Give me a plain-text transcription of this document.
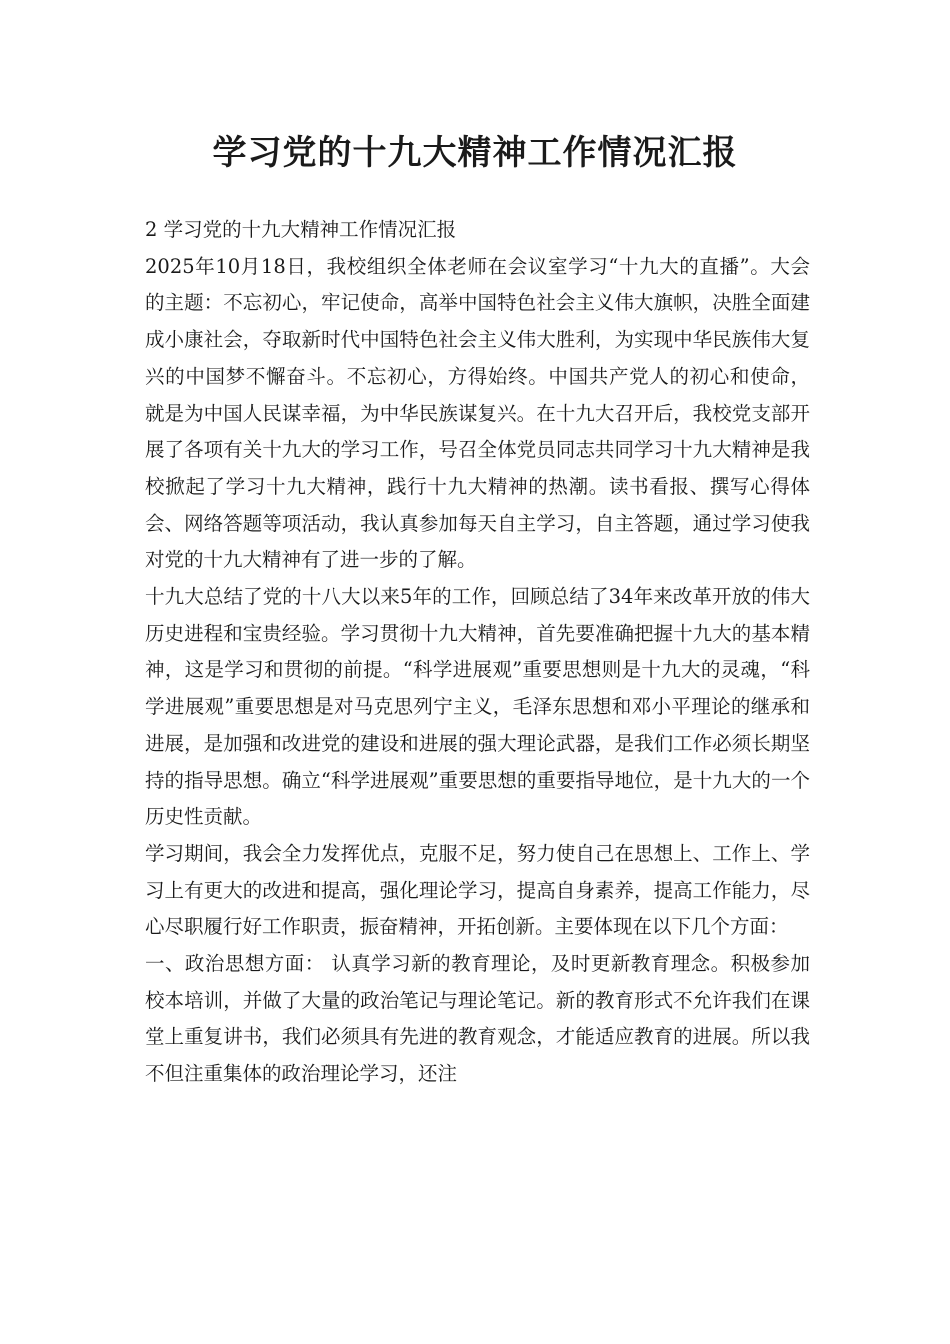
学习党的十九大精神工作情况汇报

2 学习党的十九大精神工作情况汇报

2025年10月18日，我校组织全体老师在会议室学习“十九大的直播”。大会的主题：不忘初心，牢记使命，高举中国特色社会主义伟大旗帜，决胜全面建成小康社会，夺取新时代中国特色社会主义伟大胜利，为实现中华民族伟大复兴的中国梦不懈奋斗。不忘初心，方得始终。中国共产党人的初心和使命， 就是为中国人民谋幸福，为中华民族谋复兴。在十九大召开后，我校党支部开展了各项有关十九大的学习工作，号召全体党员同志共同学习十九大精神是我校掀起了学习十九大精神，践行十九大精神的热潮。读书看报、撰写心得体会、网络答题等项活动，我认真参加每天自主学习，自主答题，通过学习使我对党的十九大精神有了进一步的了解。

十九大总结了党的十八大以来5年的工作，回顾总结了34年来改革开放的伟大历史进程和宝贵经验。学习贯彻十九大精神，首先要准确把握十九大的基本精神，这是学习和贯彻的前提。“科学进展观”重要思想则是十九大的灵魂，“科学进展观”重要思想是对马克思列宁主义，毛泽东思想和邓小平理论的继承和进展，是加强和改进党的建设和进展的强大理论武器，是我们工作必须长期坚持的指导思想。确立“科学进展观”重要思想的重要指导地位，是十九大的一个历史性贡献。

学习期间，我会全力发挥优点，克服不足，努力使自己在思想上、工作上、学习上有更大的改进和提高，强化理论学习，提高自身素养，提高工作能力，尽心尽职履行好工作职责，振奋精神，开拓创新。主要体现在以下几个方面：

一、政治思想方面： 认真学习新的教育理论，及时更新教育理念。积极参加校本培训，并做了大量的政治笔记与理论笔记。新的教育形式不允许我们在课堂上重复讲书，我们必须具有先进的教育观念，才能适应教育的进展。所以我不但注重集体的政治理论学习，还注
